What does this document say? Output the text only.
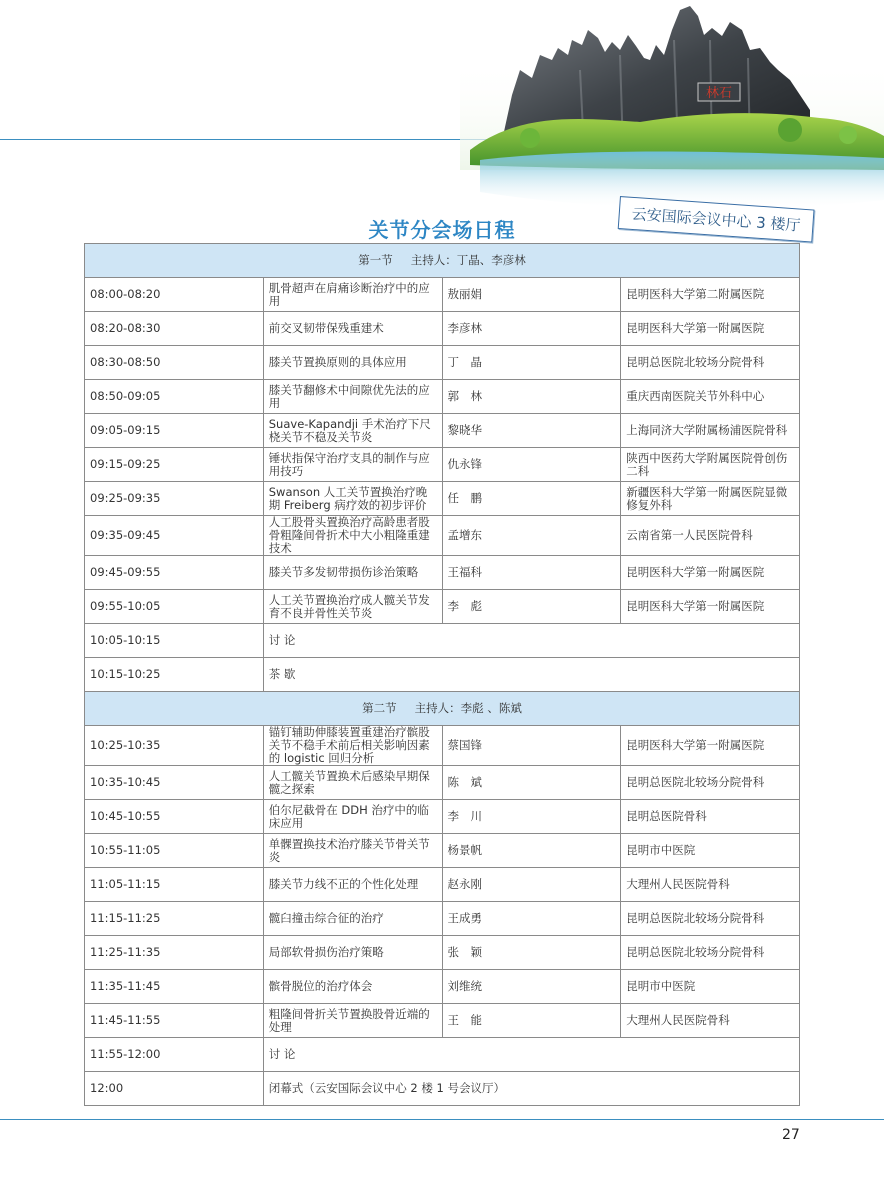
林石
云安国际会议中心 3 楼厅
关节分会场日程
第一节 主持人：丁晶、李彦林			
08:00-08:20	肌骨超声在肩痛诊断治疗中的应用	敖丽娟	昆明医科大学第二附属医院
08:20-08:30	前交叉韧带保残重建术	李彦林	昆明医科大学第一附属医院
08:30-08:50	膝关节置换原则的具体应用	丁　晶	昆明总医院北较场分院骨科
08:50-09:05	膝关节翻修术中间隙优先法的应用	郭　林	重庆西南医院关节外科中心
09:05-09:15	Suave-Kapandji 手术治疗下尺桡关节不稳及关节炎	黎晓华	上海同济大学附属杨浦医院骨科
09:15-09:25	锤状指保守治疗支具的制作与应用技巧	仇永锋	陕西中医药大学附属医院骨创伤二科
09:25-09:35	Swanson 人工关节置换治疗晚期 Freiberg 病疗效的初步评价	任　鹏	新疆医科大学第一附属医院显微修复外科
09:35-09:45	人工股骨头置换治疗高龄患者股骨粗隆间骨折术中大小粗隆重建技术	孟增东	云南省第一人民医院骨科
09:45-09:55	膝关节多发韧带损伤诊治策略	王福科	昆明医科大学第一附属医院
09:55-10:05	人工关节置换治疗成人髋关节发育不良并骨性关节炎	李　彪	昆明医科大学第一附属医院
10:05-10:15	讨 论		
10:15-10:25	茶 歇		
第二节 主持人：李彪 、陈斌			
10:25-10:35	锚钉辅助伸膝装置重建治疗髌股关节不稳手术前后相关影响因素的 logistic 回归分析	蔡国锋	昆明医科大学第一附属医院
10:35-10:45	人工髋关节置换术后感染早期保髋之探索	陈　斌	昆明总医院北较场分院骨科
10:45-10:55	伯尔尼截骨在 DDH 治疗中的临床应用	李　川	昆明总医院骨科
10:55-11:05	单髁置换技术治疗膝关节骨关节炎	杨景帆	昆明市中医院
11:05-11:15	膝关节力线不正的个性化处理	赵永刚	大理州人民医院骨科
11:15-11:25	髋臼撞击综合征的治疗	王成勇	昆明总医院北较场分院骨科
11:25-11:35	局部软骨损伤治疗策略	张　颖	昆明总医院北较场分院骨科
11:35-11:45	髌骨脱位的治疗体会	刘维统	昆明市中医院
11:45-11:55	粗隆间骨折关节置换股骨近端的处理	王　能	大理州人民医院骨科
11:55-12:00	讨 论		
12:00	闭幕式（云安国际会议中心 2 楼 1 号会议厅）		
27
